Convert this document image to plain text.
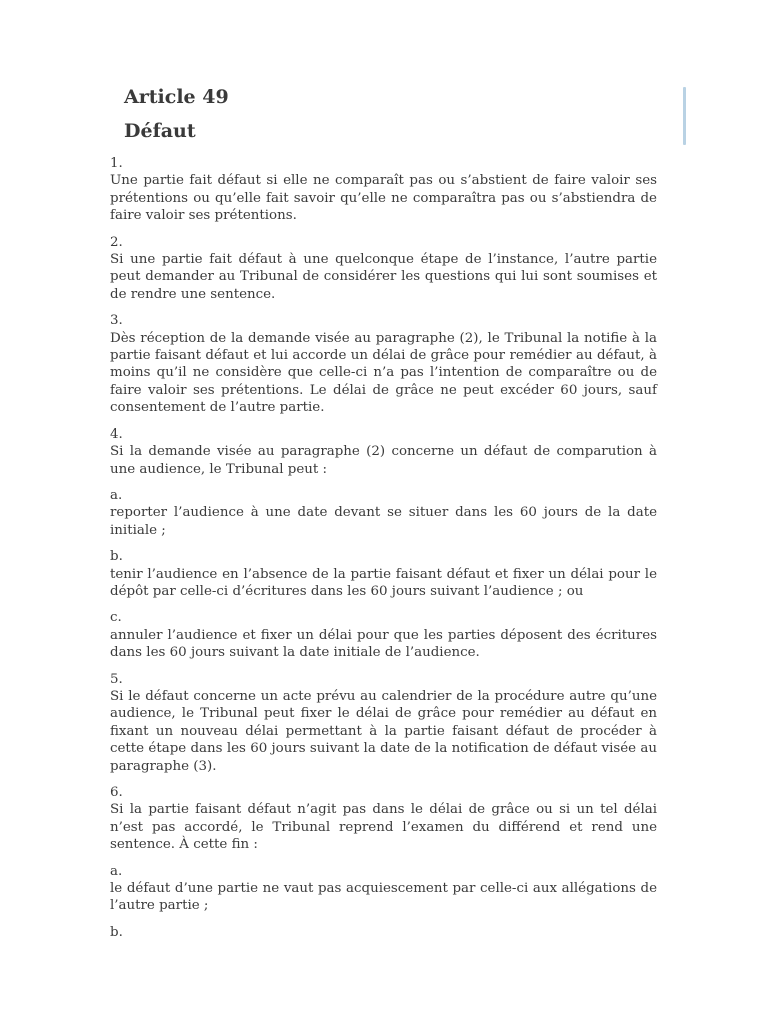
Article 49
Défaut
1.
Une partie fait défaut si elle ne comparaît pas ou s’abstient de faire valoir ses prétentions ou qu’elle fait savoir qu’elle ne comparaîtra pas ou s’abstiendra de faire valoir ses prétentions.
2.
Si une partie fait défaut à une quelconque étape de l’instance, l’autre partie peut demander au Tribunal de considérer les questions qui lui sont soumises et de rendre une sentence.
3.
Dès réception de la demande visée au paragraphe (2), le Tribunal la notifie à la partie faisant défaut et lui accorde un délai de grâce pour remédier au défaut, à moins qu’il ne considère que celle-ci n’a pas l’intention de comparaître ou de faire valoir ses prétentions. Le délai de grâce ne peut excéder 60 jours, sauf consentement de l’autre partie.
4.
Si la demande visée au paragraphe (2) concerne un défaut de comparution à une audience, le Tribunal peut :
a.
reporter l’audience à une date devant se situer dans les 60 jours de la date initiale ;
b.
tenir l’audience en l’absence de la partie faisant défaut et fixer un délai pour le dépôt par celle-ci d’écritures dans les 60 jours suivant l’audience ; ou
c.
annuler l’audience et fixer un délai pour que les parties déposent des écritures dans les 60 jours suivant la date initiale de l’audience.
5.
Si le défaut concerne un acte prévu au calendrier de la procédure autre qu’une audience, le Tribunal peut fixer le délai de grâce pour remédier au défaut en fixant un nouveau délai permettant à la partie faisant défaut de procéder à cette étape dans les 60 jours suivant la date de la notification de défaut visée au paragraphe (3).
6.
Si la partie faisant défaut n’agit pas dans le délai de grâce ou si un tel délai n’est pas accordé, le Tribunal reprend l’examen du différend et rend une sentence. À cette fin :
a.
le défaut d’une partie ne vaut pas acquiescement par celle-ci aux allégations de l’autre partie ;
b.
